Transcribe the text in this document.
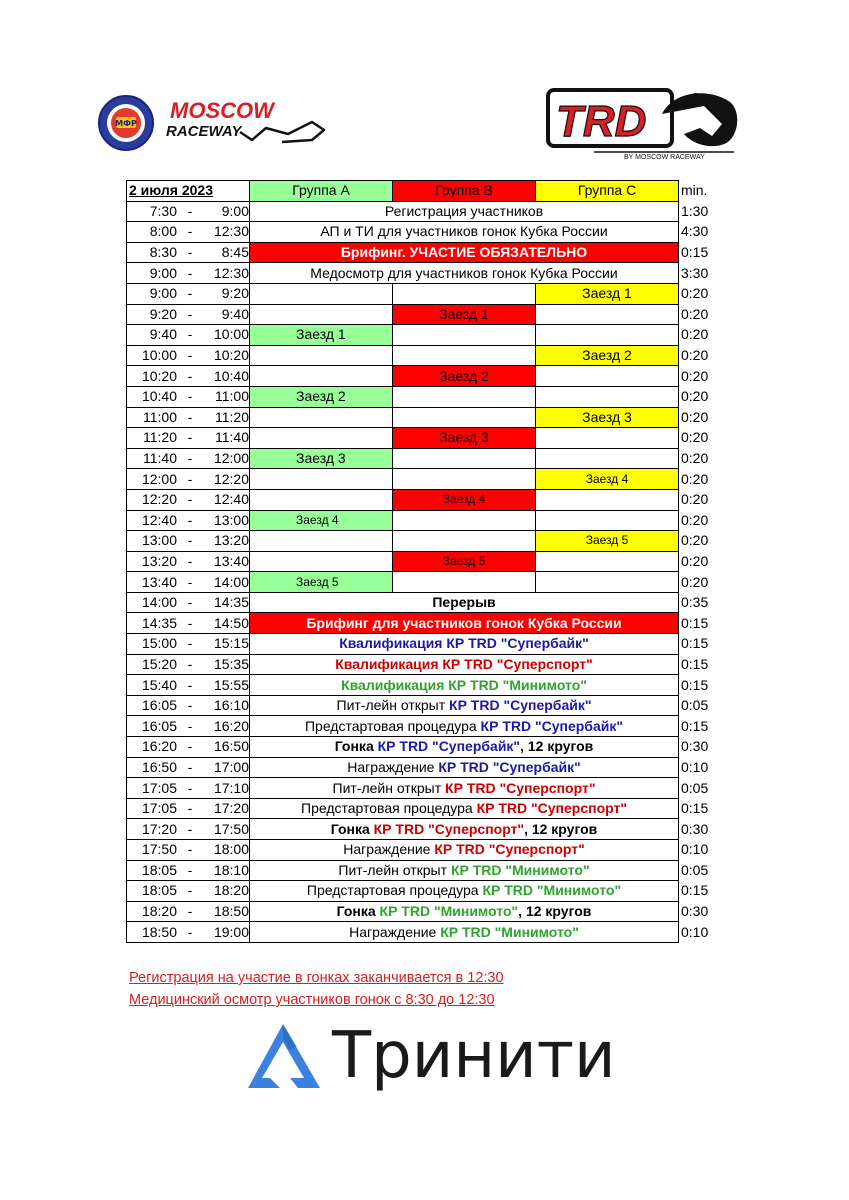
МФР
MOSCOW
RACEWAY	TRD
BY MOSCOW RACEWAY
2 июля 2023	Группа А	Группа В	Группа С	min.
7:30 - 9:00	Регистрация участников			1:30
8:00 - 12:30	АП и ТИ для участников гонок Кубка России			4:30
8:30 - 8:45	Брифинг. УЧАСТИЕ ОБЯЗАТЕЛЬНО			0:15
9:00 - 12:30	Медосмотр для участников гонок Кубка России			3:30
9:00 - 9:20			Заезд 1	0:20
9:20 - 9:40		Заезд 1		0:20
9:40 - 10:00	Заезд 1			0:20
10:00 - 10:20			Заезд 2	0:20
10:20 - 10:40		Заезд 2		0:20
10:40 - 11:00	Заезд 2			0:20
11:00 - 11:20			Заезд 3	0:20
11:20 - 11:40		Заезд 3		0:20
11:40 - 12:00	Заезд 3			0:20
12:00 - 12:20			Заезд 4	0:20
12:20 - 12:40		Заезд 4		0:20
12:40 - 13:00	Заезд 4			0:20
13:00 - 13:20			Заезд 5	0:20
13:20 - 13:40		Заезд 5		0:20
13:40 - 14:00	Заезд 5			0:20
14:00 - 14:35	Перерыв			0:35
14:35 - 14:50	Брифинг для участников гонок Кубка России			0:15
15:00 - 15:15	Квалификация КР TRD "Супербайк"			0:15
15:20 - 15:35	Квалификация КР TRD "Суперспорт"			0:15
15:40 - 15:55	Квалификация КР TRD "Минимото"			0:15
16:05 - 16:10	Пит-лейн открыт КР TRD "Супербайк"			0:05
16:05 - 16:20	Предстартовая процедура КР TRD "Супербайк"			0:15
16:20 - 16:50	Гонка КР TRD "Супербайк", 12 кругов			0:30
16:50 - 17:00	Награждение КР TRD "Супербайк"			0:10
17:05 - 17:10	Пит-лейн открыт КР TRD "Суперспорт"			0:05
17:05 - 17:20	Предстартовая процедура КР TRD "Суперспорт"			0:15
17:20 - 17:50	Гонка КР TRD "Суперспорт", 12 кругов			0:30
17:50 - 18:00	Награждение КР TRD "Суперспорт"			0:10
18:05 - 18:10	Пит-лейн открыт КР TRD "Минимото"			0:05
18:05 - 18:20	Предстартовая процедура КР TRD "Минимото"			0:15
18:20 - 18:50	Гонка КР TRD "Минимото", 12 кругов			0:30
18:50 - 19:00	Награждение КР TRD "Минимото"			0:10
Регистрация на участие в гонках заканчивается в 12:30
Медицинский осмотр участников гонок с 8:30 до 12:30
Тринити
